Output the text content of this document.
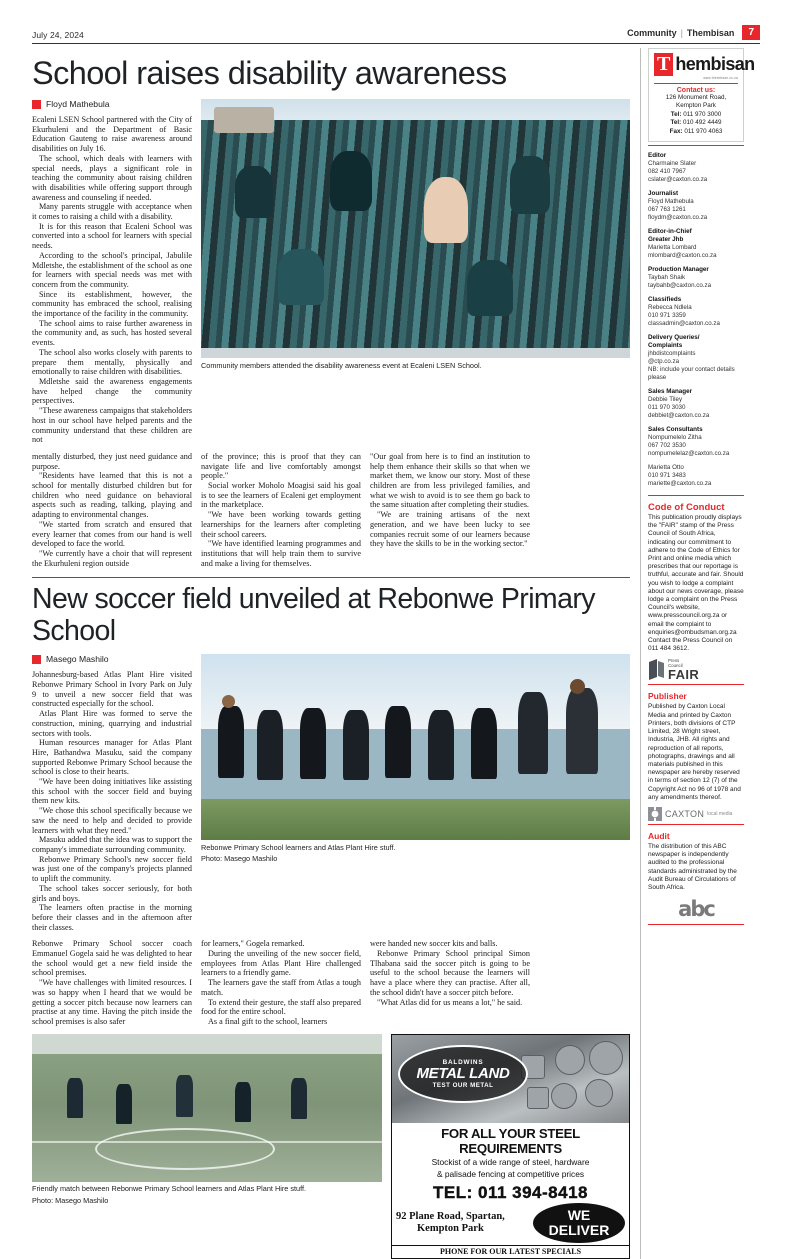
July 24, 2024	Community | Thembisan	7
School raises disability awareness
Floyd Mathebula

Ecaleni LSEN School partnered with the City of Ekurhuleni and the Department of Basic Education Gauteng to raise awareness around disabilities on July 16.

The school, which deals with learners with special needs, plays a significant role in teaching the community about raising children with disabilities while offering support through awareness and counseling if needed.

Many parents struggle with acceptance when it comes to raising a child with a disability.

It is for this reason that Ecaleni School was converted into a school for learners with special needs.

According to the school's principal, Jabulile Mdletshe, the establishment of the school as one for learners with special needs was met with concern from the community.

Since its establishment, however, the community has embraced the school, realising the importance of the facility in the community.

The school aims to raise further awareness in the community and, as such, has hosted several events.

The school also works closely with parents to prepare them mentally, physically and emotionally to raise children with disabilities.

Mdletshe said the awareness engagements have helped change the community perspectives.

"These awareness campaigns that stakeholders host in our school have helped parents and the community understand that these children are not

Community members attended the disability awareness event at Ecaleni LSEN School.

mentally disturbed, they just need guidance and purpose.

"Residents have learned that this is not a school for mentally disturbed children but for children who need guidance on behavioral aspects such as reading, talking, playing and adapting to environmental changes.

"We started from scratch and ensured that every learner that comes from our hand is well developed to face the world.

"We currently have a choir that will represent the Ekurhuleni region outside

of the province; this is proof that they can navigate life and live comfortably amongst people."

Social worker Moholo Moagisi said his goal is to see the learners of Ecaleni get employment in the marketplace.

"We have been working towards getting learnerships for the learners after completing their school careers.

"We have identified learning programmes and institutions that will help train them to survive and make a living for themselves.

"Our goal from here is to find an institution to help them enhance their skills so that when we market them, we know our story. Most of these children are from less privileged families, and what we wish to avoid is to see them go back to the same situation after completing their studies.

"We are training artisans of the next generation, and we have been lucky to see companies recruit some of our learners because they have the skills to be in the working sector."

New soccer field unveiled at Rebonwe Primary School
Masego Mashilo

Johannesburg-based Atlas Plant Hire visited Rebonwe Primary School in Ivory Park on July 9 to unveil a new soccer field that was constructed especially for the school.

Atlas Plant Hire was formed to serve the construction, mining, quarrying and industrial sectors with tools.

Human resources manager for Atlas Plant Hire, Bathandwa Masuku, said the company supported Rebonwe Primary School because the school is close to their hearts.

"We have been doing initiatives like assisting this school with the soccer field and buying them new kits.

"We chose this school specifically because we saw the need to help and decided to provide learners with what they need."

Masuku added that the idea was to support the company's immediate surrounding community.

Rebonwe Primary School's new soccer field was just one of the company's projects planned to uplift the community.

The school takes soccer seriously, for both girls and boys.

The learners often practise in the morning before their classes and in the afternoon after their classes.

Rebonwe Primary School learners and Atlas Plant Hire stuff.
Photo: Masego Mashilo

Rebonwe Primary School soccer coach Emmanuel Gogela said he was delighted to hear the school would get a new field inside the school premises.

"We have challenges with limited resources. I was so happy when I heard that we would be getting a soccer pitch because now learners can practise at any time. Having the pitch inside the school premises is also safer

for learners," Gogela remarked.

During the unveiling of the new soccer field, employees from Atlas Plant Hire challenged learners to a friendly game.

The learners gave the staff from Atlas a tough match.

To extend their gesture, the staff also prepared food for the entire school.

As a final gift to the school, learners

were handed new soccer kits and balls.

Rebonwe Primary School principal Simon Tlhabana said the soccer pitch is going to be useful to the school because the learners will have a place where they can practise. After all, the school didn't have a soccer pitch before.

"What Atlas did for us means a lot," he said.

Friendly match between Rebonwe Primary School learners and Atlas Plant Hire stuff.
Photo: Masego Mashilo
BALDWINS
METAL LAND
TEST OUR METAL
FOR ALL YOUR STEEL REQUIREMENTS
Stockist of a wide range of steel, hardware
& palisade fencing at competitive prices
TEL: 011 394-8418
92 Plane Road, Spartan,
Kempton Park
WE
DELIVER
PHONE FOR OUR LATEST SPECIALS
T hembisan
www.thembisan.co.za
Contact us:
126 Monument Road,
Kempton Park
Tel: 011 970 3000
Tel: 010 492 4449
Fax: 011 970 4063
Editor
Charmaine Slater
082 410 7967
cslater@caxton.co.za
Journalist
Floyd Mathebula
067 763 1261
floydm@caxton.co.za
Editor-in-Chief
Greater Jhb
Marietta Lombard
mlombard@caxton.co.za
Production Manager
Taybah Shaik
taybahb@caxton.co.za
Classifieds
Rebecca Ndlela
010 971 3359
classadmin@caxton.co.za
Delivery Queries/
Complaints
jhbdistcomplaints
@ctp.co.za
NB: include your contact details please
Sales Manager
Debbie Tiley
011 970 3030
debbiet@caxton.co.za
Sales Consultants
Nompumelelo Zitha
067 702 3530
nompumelelaz@caxton.co.za
Marietta Otto
010 971 3483
mariette@caxton.co.za
Code of Conduct
This publication proudly displays the "FAIR" stamp of the Press Council of South Africa, indicating our commitment to adhere to the Code of Ethics for Print and online media which prescribes that our reportage is truthful, accurate and fair. Should you wish to lodge a complaint about our news coverage, please lodge a complaint on the Press Council's website, www.presscouncil.org.za or email the complaint to enquiries@ombudsman.org.za Contact the Press Council on 011 484 3612.
Press
Council
FAIR
Publisher
Published by Caxton Local Media and printed by Caxton Printers, both divisions of CTP Limited, 28 Wright street, Industria, JHB. All rights and reproduction of all reports, photographs, drawings and all materials published in this newspaper are hereby reserved in terms of section 12 (7) of the Copyright Act no 96 of 1978 and any amendments thereof.
CAXTON local media
Audit
The distribution of this ABC newspaper is independently audited to the professional standards administrated by the Audit Bureau of Circulations of South Africa.
abc
